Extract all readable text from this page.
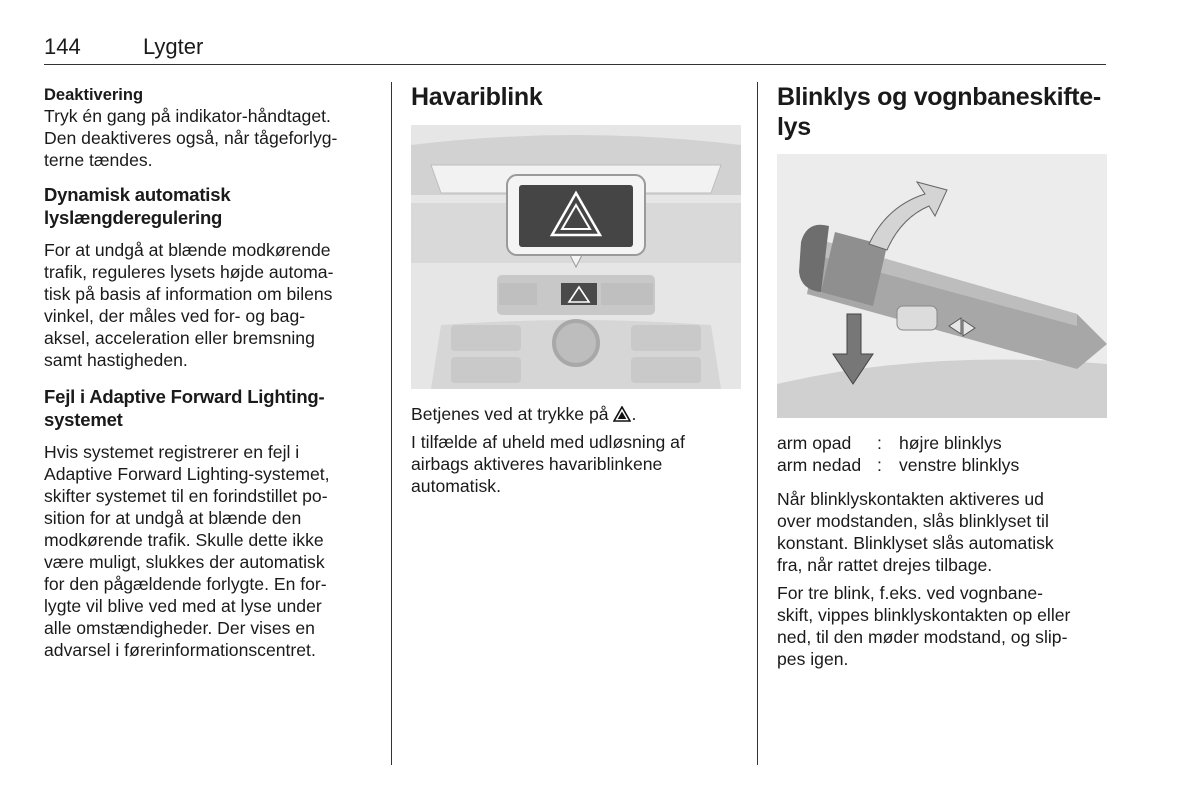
144	Lygter

Deaktivering

Tryk én gang på indikator-håndtaget.
Den deaktiveres også, når tågeforlyg-
terne tændes.

Dynamisk automatisk
lyslængderegulering

For at undgå at blænde modkørende
trafik, reguleres lysets højde automa-
tisk på basis af information om bilens
vinkel, der måles ved for- og bag-
aksel, acceleration eller bremsning
samt hastigheden.

Fejl i Adaptive Forward Lighting-
systemet

Hvis systemet registrerer en fejl i
Adaptive Forward Lighting-systemet,
skifter systemet til en forindstillet po-
sition for at undgå at blænde den
modkørende trafik. Skulle dette ikke
være muligt, slukkes der automatisk
for den pågældende forlygte. En for-
lygte vil blive ved med at lyse under
alle omstændigheder. Der vises en
advarsel i førerinformationscentret.

Havariblink

Betjenes ved at trykke på .

I tilfælde af uheld med udløsning af
airbags aktiveres havariblinkene
automatisk.

Blinklys og vognbaneskifte-
lys

arm opad	: højre blinklys
arm nedad : venstre blinklys

Når blinklyskontakten aktiveres ud
over modstanden, slås blinklyset til
konstant. Blinklyset slås automatisk
fra, når rattet drejes tilbage.

For tre blink, f.eks. ved vognbane-
skift, vippes blinklyskontakten op eller
ned, til den møder modstand, og slip-
pes igen.
